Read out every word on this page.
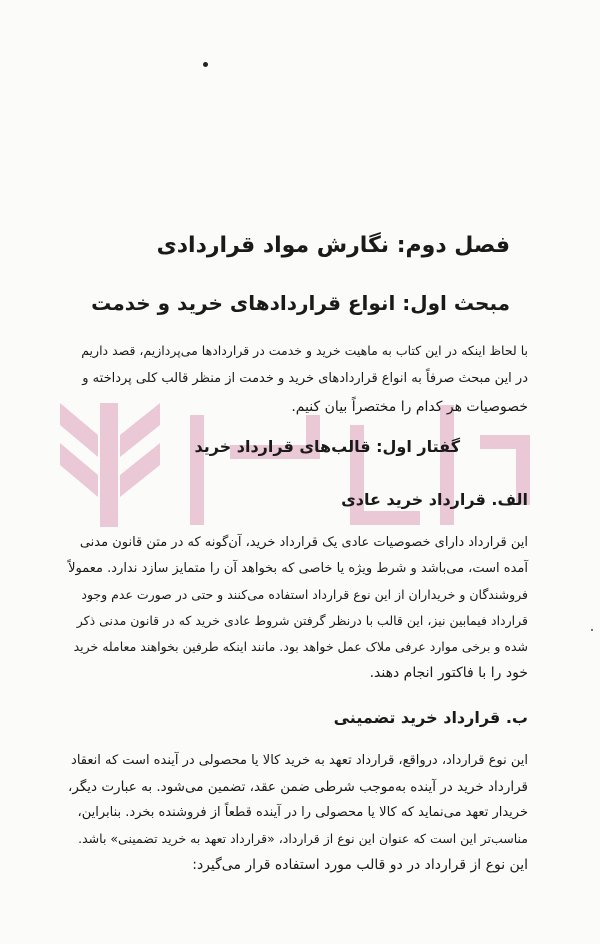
فصل دوم: نگارش مواد قراردادی
مبحث اول: انواع قراردادهای خرید و خدمت
با لحاظ اینکه در این کتاب به ماهیت خرید و خدمت در قراردادها می‌پردازیم، قصد داریم
در این مبحث صرفاً به انواع قراردادهای خرید و خدمت از منظر قالب کلی پرداخته و
خصوصیات هر کدام را مختصراً بیان کنیم.
گفتار اول: قالب‌های قرارداد خرید
الف. قرارداد خرید عادی
این قرارداد دارای خصوصیات عادی یک قرارداد خرید، آن‌گونه که در متن قانون مدنی
آمده است، می‌باشد و شرط ویژه یا خاصی که بخواهد آن را متمایز سازد ندارد. معمولاً
فروشندگان و خریداران از این نوع قرارداد استفاده می‌کنند و حتی در صورت عدم وجود
قرارداد فیمابین نیز، این قالب با درنظر گرفتن شروط عادی خرید که در قانون مدنی ذکر
شده و برخی موارد عرفی ملاک عمل خواهد بود. مانند اینکه طرفین بخواهند معامله خرید
خود را با فاکتور انجام دهند.
ب. قرارداد خرید تضمینی
این نوع قرارداد، درواقع، قرارداد تعهد به خرید کالا یا محصولی در آینده است که انعقاد
قرارداد خرید در آینده به‌موجب شرطی ضمن عقد، تضمین می‌شود. به عبارت دیگر،
خریدار تعهد می‌نماید که کالا یا محصولی را در آینده قطعاً از فروشنده بخرد. بنابراین،
مناسب‌تر این است که عنوان این نوع از قرارداد، «قرارداد تعهد به خرید تضمینی» باشد.
این نوع از قرارداد در دو قالب مورد استفاده قرار می‌گیرد:
